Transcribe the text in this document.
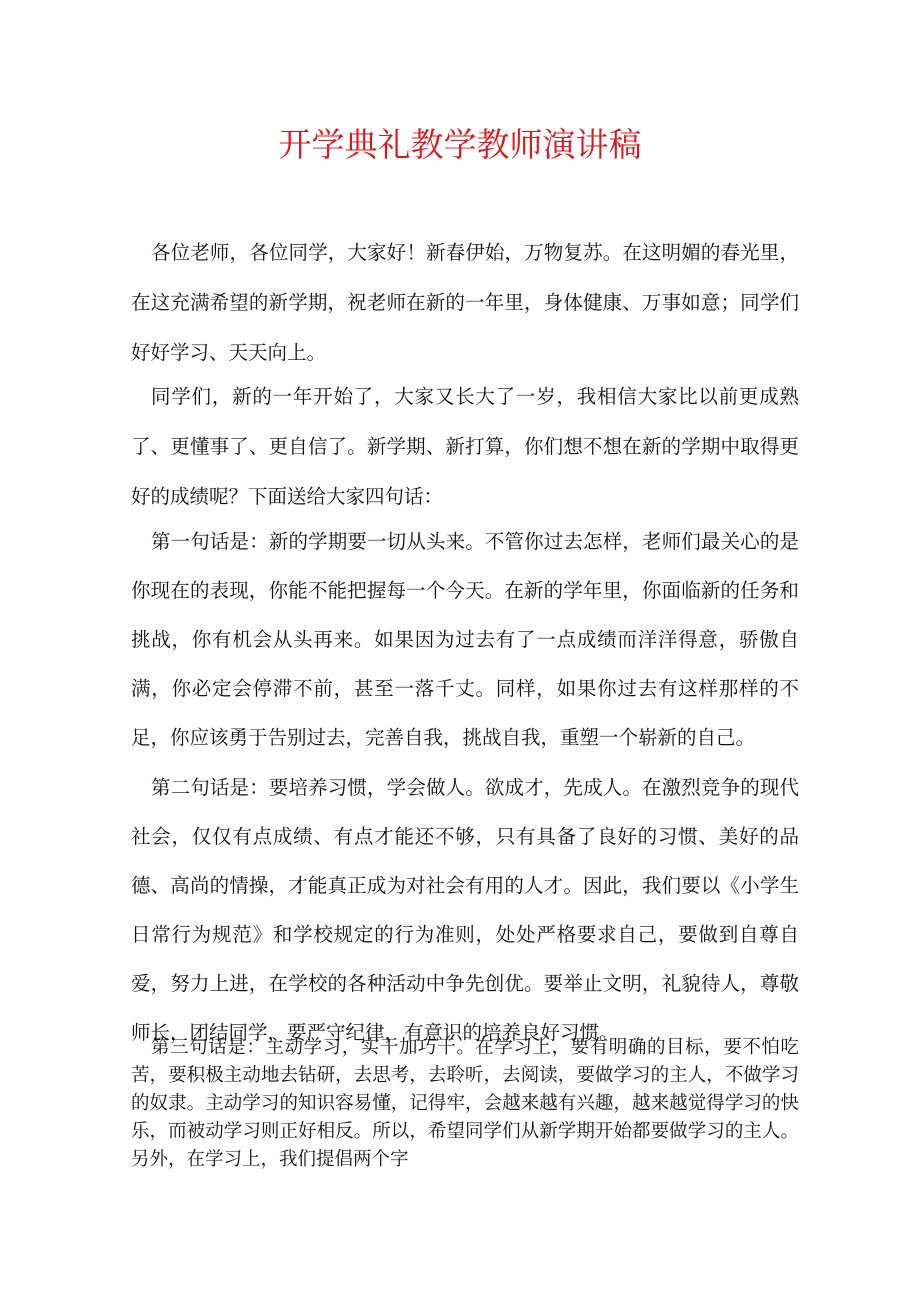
开学典礼教学教师演讲稿

各位老师，各位同学，大家好！新春伊始，万物复苏。在这明媚的春光里，在这充满希望的新学期，祝老师在新的一年里，身体健康、万事如意；同学们好好学习、天天向上。

同学们，新的一年开始了，大家又长大了一岁，我相信大家比以前更成熟了、更懂事了、更自信了。新学期、新打算，你们想不想在新的学期中取得更好的成绩呢？下面送给大家四句话：

第一句话是：新的学期要一切从头来。不管你过去怎样，老师们最关心的是你现在的表现，你能不能把握每一个今天。在新的学年里，你面临新的任务和挑战，你有机会从头再来。如果因为过去有了一点成绩而洋洋得意，骄傲自满，你必定会停滞不前，甚至一落千丈。同样，如果你过去有这样那样的不足，你应该勇于告别过去，完善自我，挑战自我，重塑一个崭新的自己。

第二句话是：要培养习惯，学会做人。欲成才，先成人。在激烈竞争的现代社会，仅仅有点成绩、有点才能还不够，只有具备了良好的习惯、美好的品德、高尚的情操，才能真正成为对社会有用的人才。因此，我们要以《小学生日常行为规范》和学校规定的行为准则，处处严格要求自己，要做到自尊自爱，努力上进，在学校的各种活动中争先创优。要举止文明，礼貌待人，尊敬师长，团结同学，要严守纪律，有意识的培养良好习惯。

第三句话是：主动学习，实干加巧干。在学习上，要有明确的目标，要不怕吃苦，要积极主动地去钻研，去思考，去聆听，去阅读，要做学习的主人，不做学习的奴隶。主动学习的知识容易懂，记得牢，会越来越有兴趣，越来越觉得学习的快乐，而被动学习则正好相反。所以，希望同学们从新学期开始都要做学习的主人。另外，在学习上，我们提倡两个字
